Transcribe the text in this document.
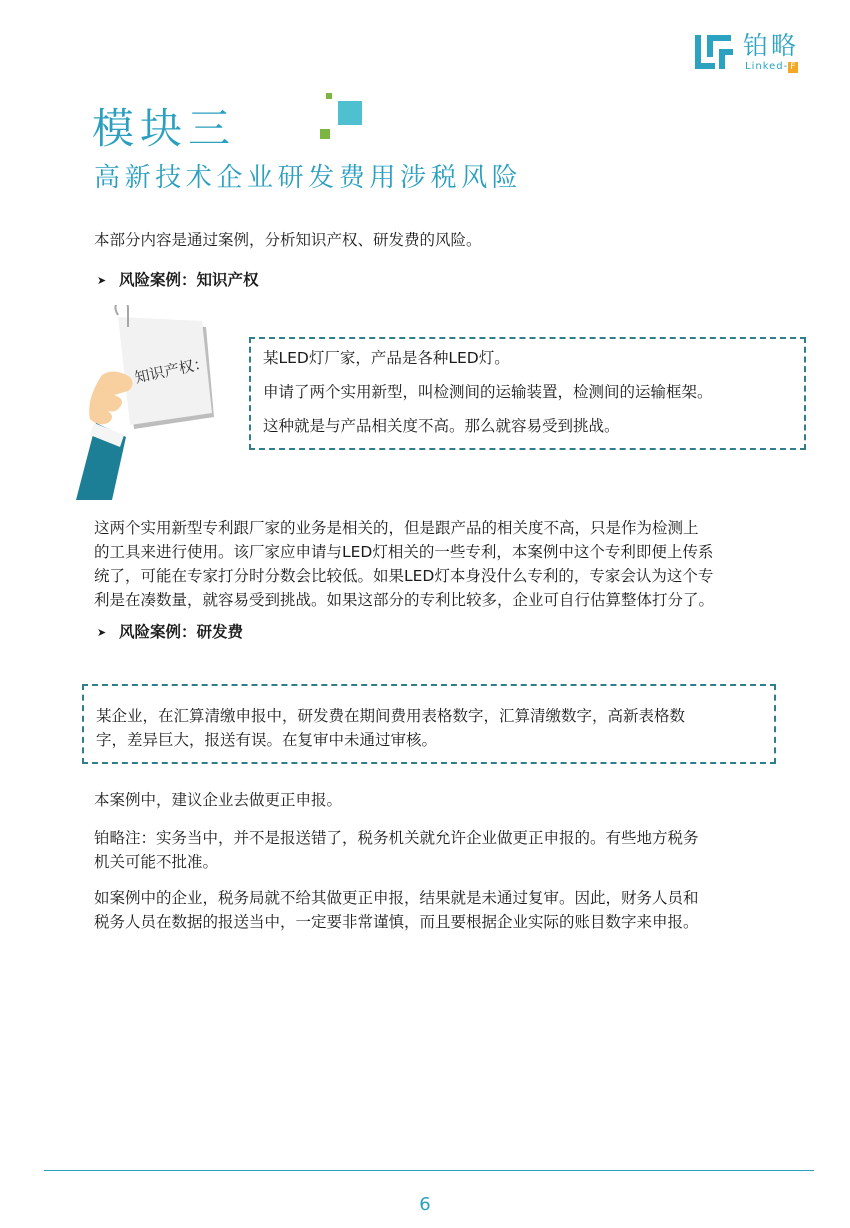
铂略
Linked- F
模块三
高新技术企业研发费用涉税风险
本部分内容是通过案例，分析知识产权、研发费的风险。
➤ 风险案例：知识产权
知识产权：	某LED灯厂家，产品是各种LED灯。
申请了两个实用新型，叫检测间的运输装置，检测间的运输框架。
这种就是与产品相关度不高。那么就容易受到挑战。
这两个实用新型专利跟厂家的业务是相关的，但是跟产品的相关度不高，只是作为检测上
的工具来进行使用。该厂家应申请与LED灯相关的一些专利，本案例中这个专利即便上传系
统了，可能在专家打分时分数会比较低。如果LED灯本身没什么专利的，专家会认为这个专
利是在凑数量，就容易受到挑战。如果这部分的专利比较多，企业可自行估算整体打分了。
➤ 风险案例：研发费
某企业，在汇算清缴申报中，研发费在期间费用表格数字，汇算清缴数字，高新表格数
字，差异巨大，报送有误。在复审中未通过审核。
本案例中，建议企业去做更正申报。
铂略注：实务当中，并不是报送错了，税务机关就允许企业做更正申报的。有些地方税务
机关可能不批准。
如案例中的企业，税务局就不给其做更正申报，结果就是未通过复审。因此，财务人员和
税务人员在数据的报送当中，一定要非常谨慎，而且要根据企业实际的账目数字来申报。
6
